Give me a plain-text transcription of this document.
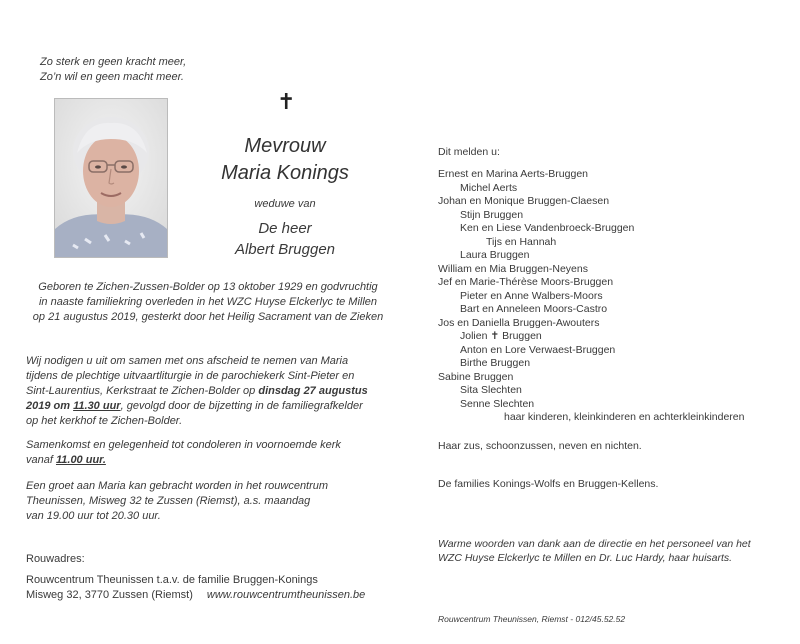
Zo sterk en geen kracht meer,
Zo’n wil en geen macht meer.
✝
Mevrouw
Maria Konings
weduwe van
De heer
Albert Bruggen
Geboren te Zichen-Zussen-Bolder op 13 oktober 1929 en godvruchtig
in naaste familiekring overleden in het WZC Huyse Elckerlyc te Millen
op 21 augustus 2019, gesterkt door het Heilig Sacrament van de Zieken
Wij nodigen u uit om samen met ons afscheid te nemen van Maria
tijdens de plechtige uitvaartliturgie in de parochiekerk Sint-Pieter en
Sint-Laurentius, Kerkstraat te Zichen-Bolder op dinsdag 27 augustus
2019 om 11.30 uur, gevolgd door de bijzetting in de familiegrafkelder
op het kerkhof te Zichen-Bolder.
Samenkomst en gelegenheid tot condoleren in voornoemde kerk
vanaf 11.00 uur.
Een groet aan Maria kan gebracht worden in het rouwcentrum
Theunissen, Misweg 32 te Zussen (Riemst), a.s. maandag
van 19.00 uur tot 20.30 uur.
Rouwadres:
Rouwcentrum Theunissen t.a.v. de familie Bruggen-Konings
Misweg 32, 3770 Zussen (Riemst) www.rouwcentrumtheunissen.be
Dit melden u:
Ernest en Marina Aerts-Bruggen
Michel Aerts
Johan en Monique Bruggen-Claesen
Stijn Bruggen
Ken en Liese Vandenbroeck-Bruggen
Tijs en Hannah
Laura Bruggen
William en Mia Bruggen-Neyens
Jef en Marie-Thérèse Moors-Bruggen
Pieter en Anne Walbers-Moors
Bart en Anneleen Moors-Castro
Jos en Daniella Bruggen-Awouters
Jolien ✝ Bruggen
Anton en Lore Verwaest-Bruggen
Birthe Bruggen
Sabine Bruggen
Sita Slechten
Senne Slechten
haar kinderen, kleinkinderen en achterkleinkinderen
Haar zus, schoonzussen, neven en nichten.
De families Konings-Wolfs en Bruggen-Kellens.
Warme woorden van dank aan de directie en het personeel van het
WZC Huyse Elckerlyc te Millen en Dr. Luc Hardy, haar huisarts.
Rouwcentrum Theunissen, Riemst - 012/45.52.52
